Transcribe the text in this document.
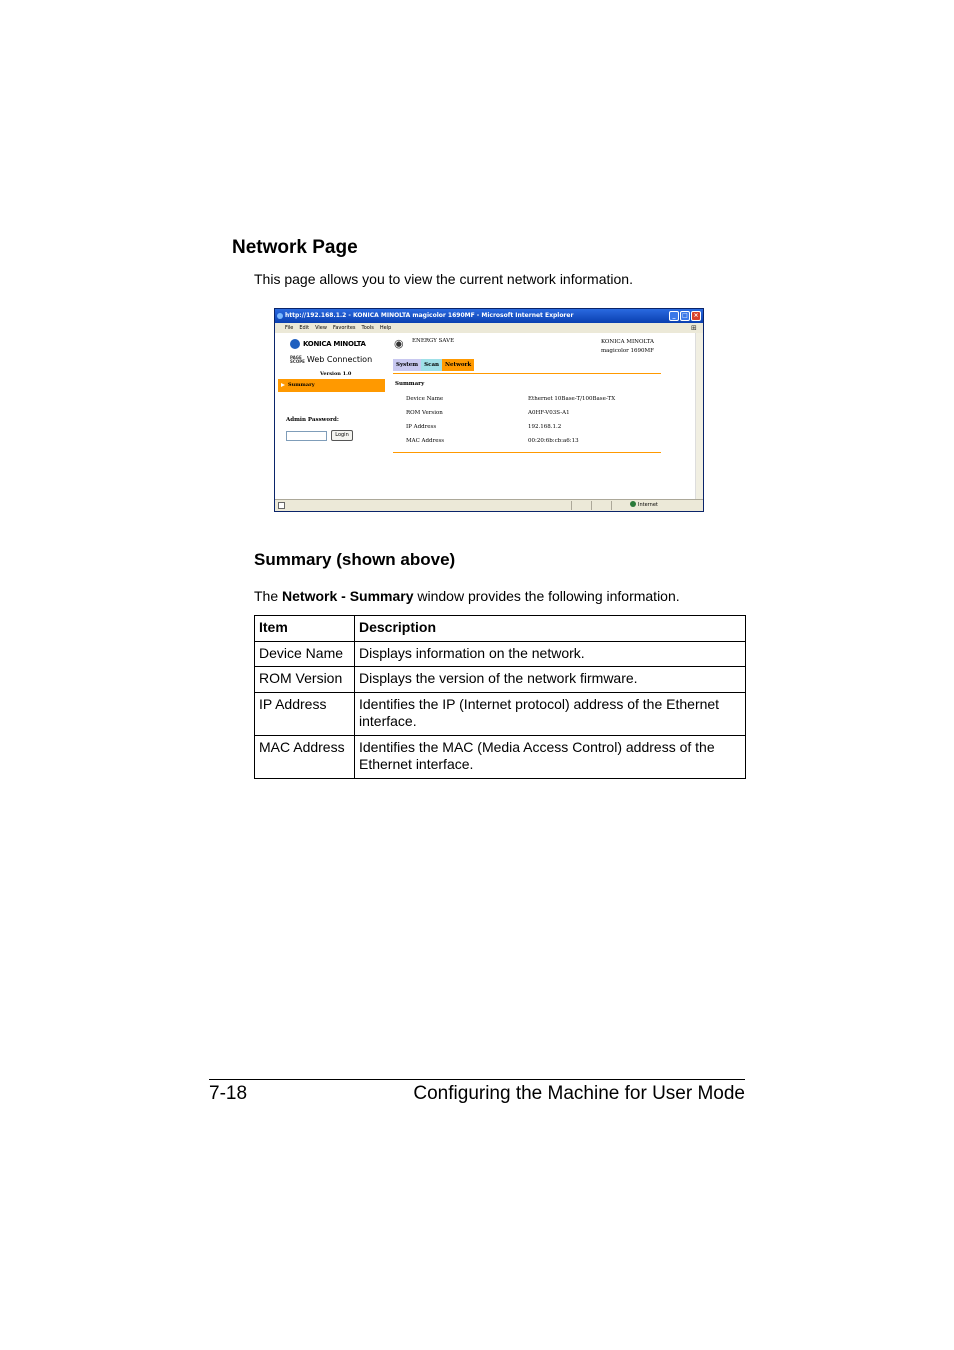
Network Page
This page allows you to view the current network information.
http://192.168.1.2 - KONICA MINOLTA magicolor 1690MF - Microsoft Internet Explorer	_	□ ×
File Edit View Favorites Tools Help	⊞
KONICA MINOLTA
PAGE
SCOPE Web Connection
Version 1.0
Summary
Admin Password:
Login
◉	ENERGY SAVE	KONICA MINOLTA
magicolor 1690MF
System	Scan	Network
Summary
Device Name	Ethernet 10Base-T/100Base-TX
ROM Version	A0HF-V03S-A1
IP Address	192.168.1.2
MAC Address	00:20:6b:cb:a6:13
Internet
Summary (shown above)
The Network - Summary window provides the following information.
Item	Description
Device Name	Displays information on the network.
ROM Version	Displays the version of the network firmware.
IP Address	Identifies the IP (Internet protocol) address of the Ethernet interface.
MAC Address	Identifies the MAC (Media Access Control) address of the Ethernet interface.
7-18	Configuring the Machine for User Mode
